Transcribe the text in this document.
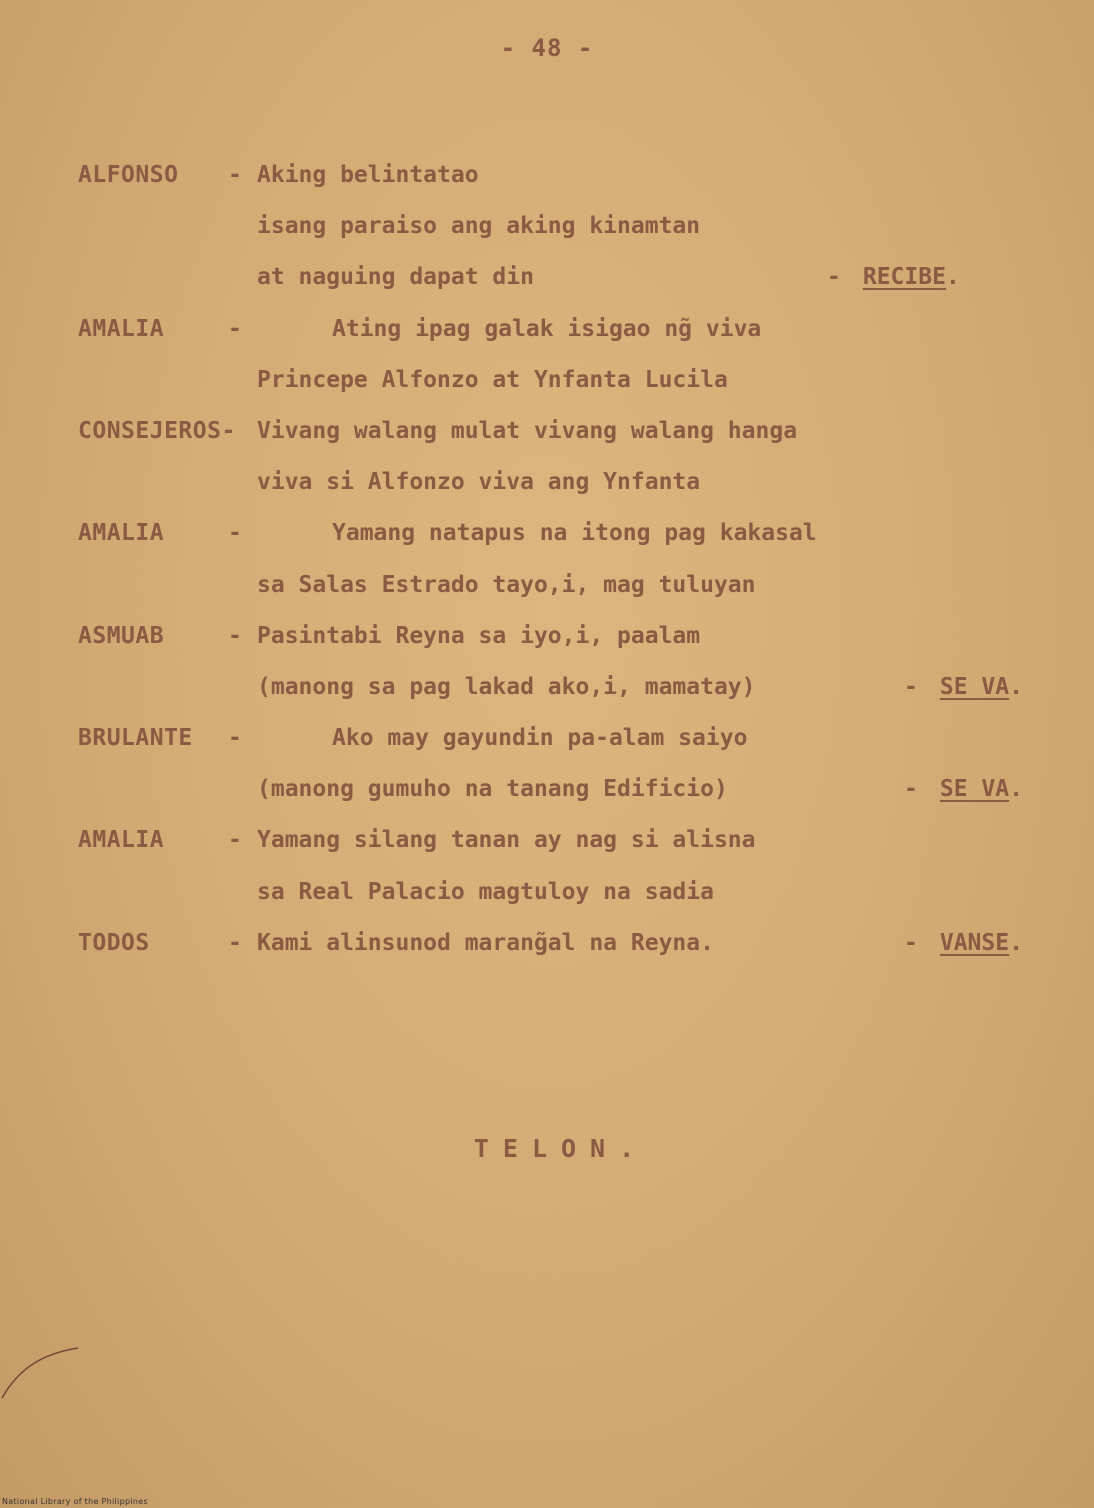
- 48 -
ALFONSO - Aking belintatao
isang paraiso ang aking kinamtan
at naguing dapat din	- RECIBE.
AMALIA	-	Ating ipag galak isigao ng̃ viva
Princepe Alfonzo at Ynfanta Lucila
CONSEJEROS- Vivang walang mulat vivang walang hanga
viva si Alfonzo viva ang Ynfanta
AMALIA	-	Yamang natapus na itong pag kakasal
sa Salas Estrado tayo,i, mag tuluyan
ASMUAB	- Pasintabi Reyna sa iyo,i, paalam
(manong sa pag lakad ako,i, mamatay)	- SE VA.
BRULANTE -	Ako may gayundin pa-alam saiyo
(manong gumuho na tanang Edificio)	- SE VA.
AMALIA	- Yamang silang tanan ay nag si alisna
sa Real Palacio magtuloy na sadia
TODOS	- Kami alinsunod marang̃al na Reyna.	- VANSE.
TELON.
National Library of the Philippines
